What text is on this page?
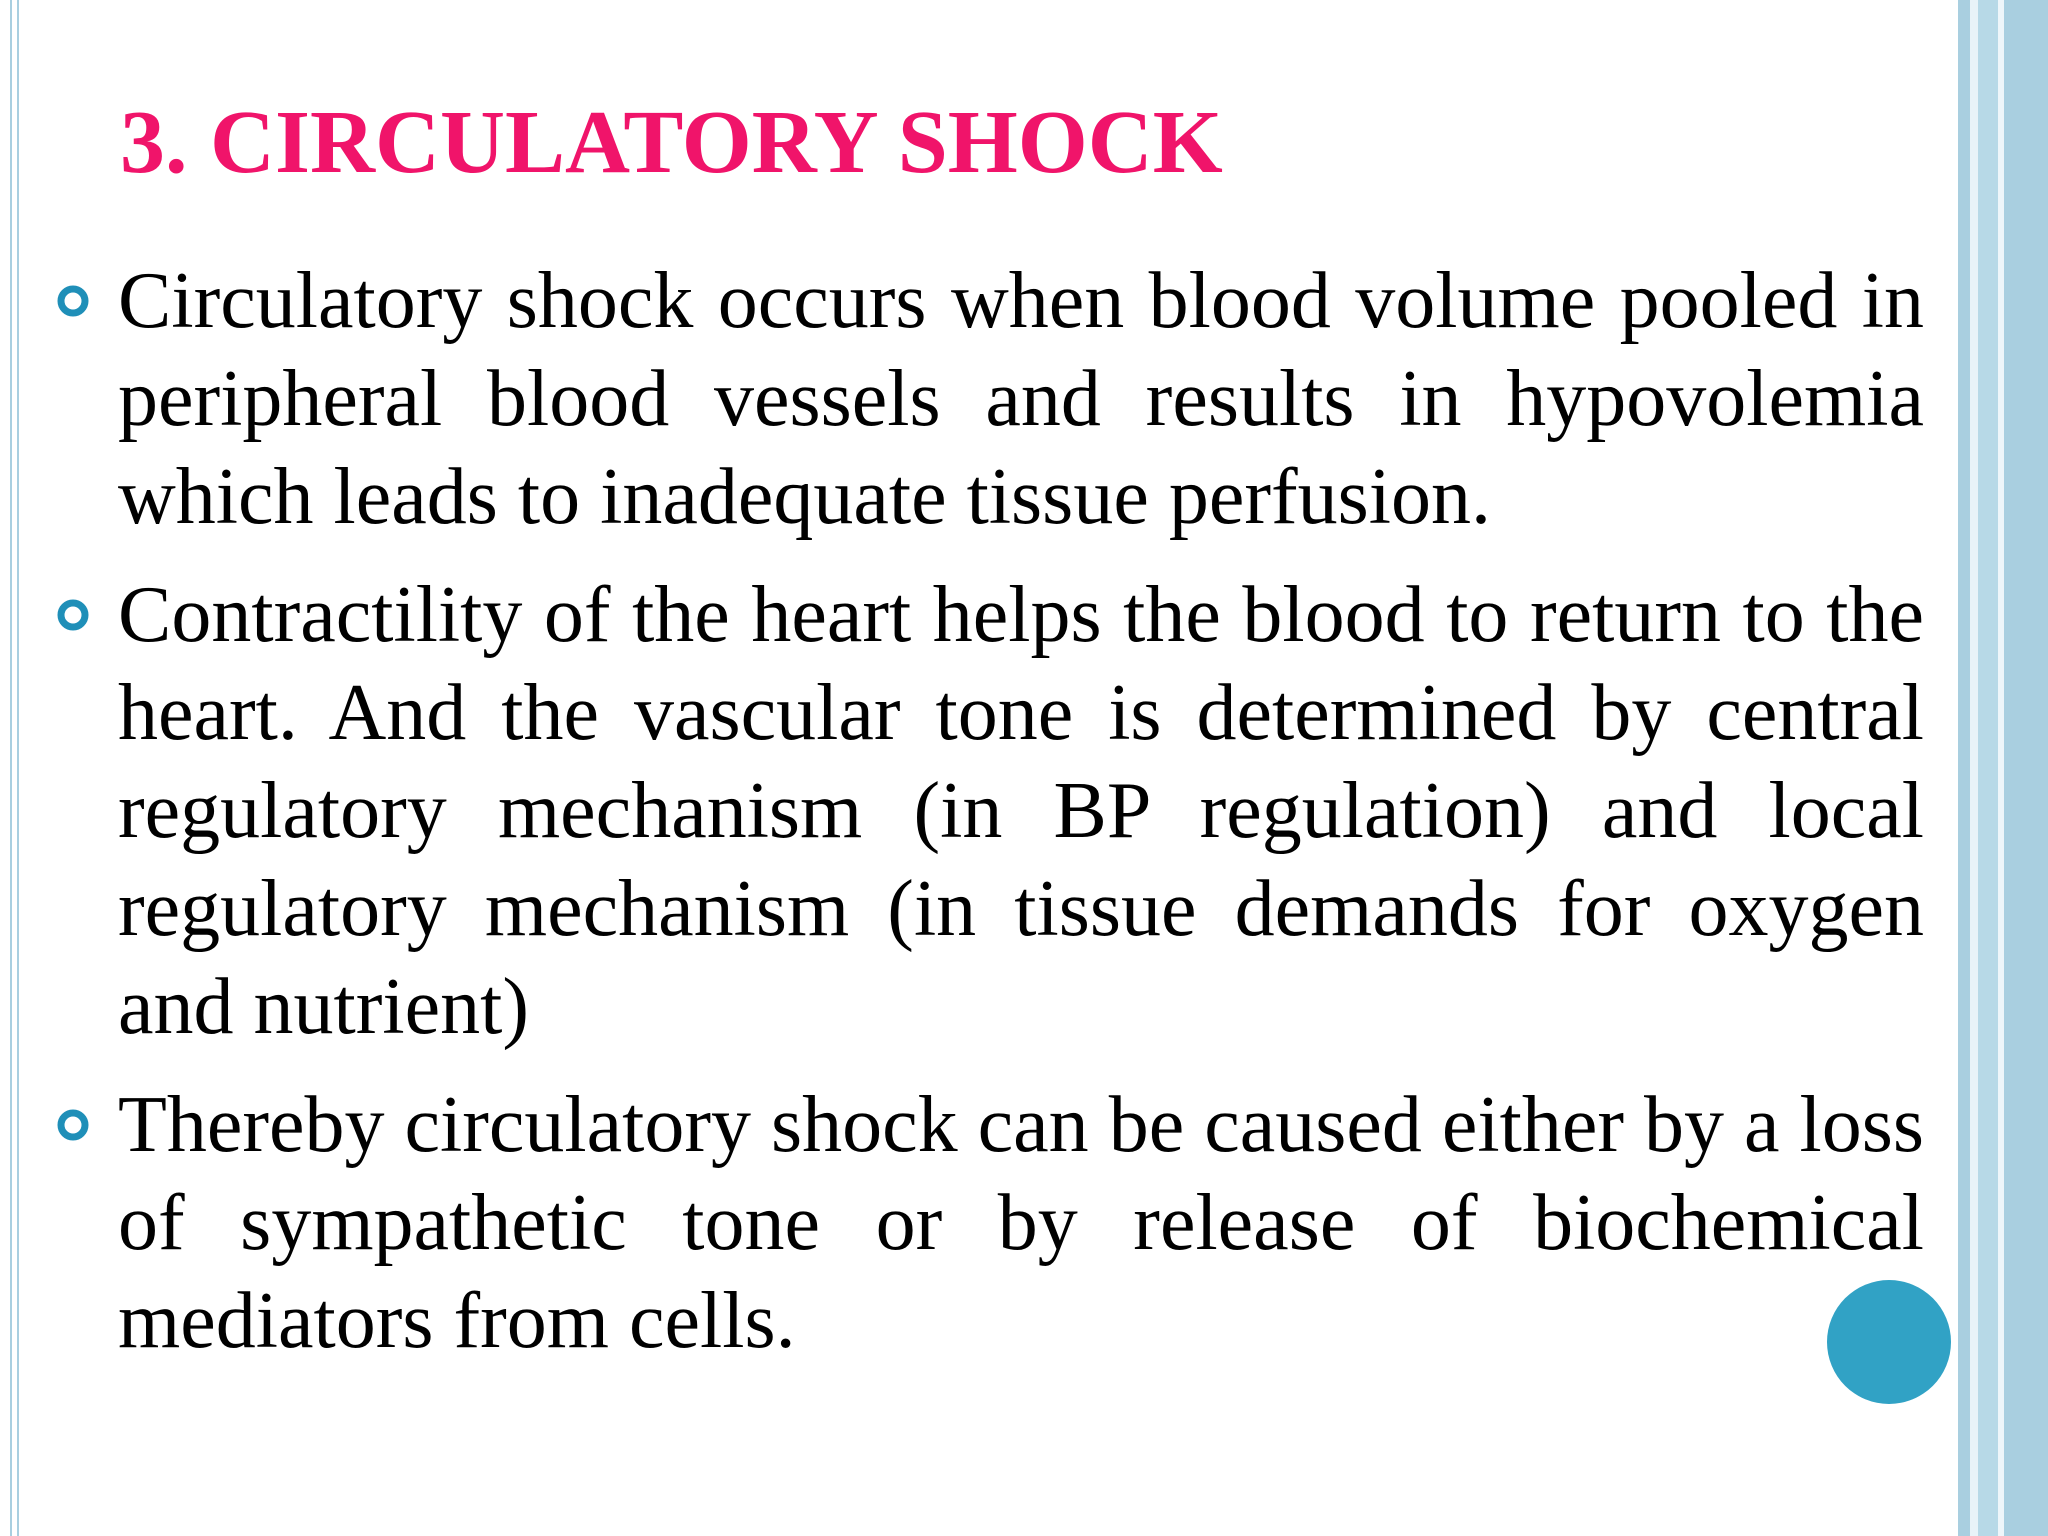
3. CIRCULATORY SHOCK

Circulatory shock occurs when blood volume pooled in peripheral blood vessels and results in hypovolemia which leads to inadequate tissue perfusion.

Contractility of the heart helps the blood to return to the heart. And the vascular tone is determined by central regulatory mechanism (in BP regulation) and local regulatory mechanism (in tissue demands for oxygen and nutrient)

Thereby circulatory shock can be caused either by a loss of sympathetic tone or by release of biochemical mediators from cells.
